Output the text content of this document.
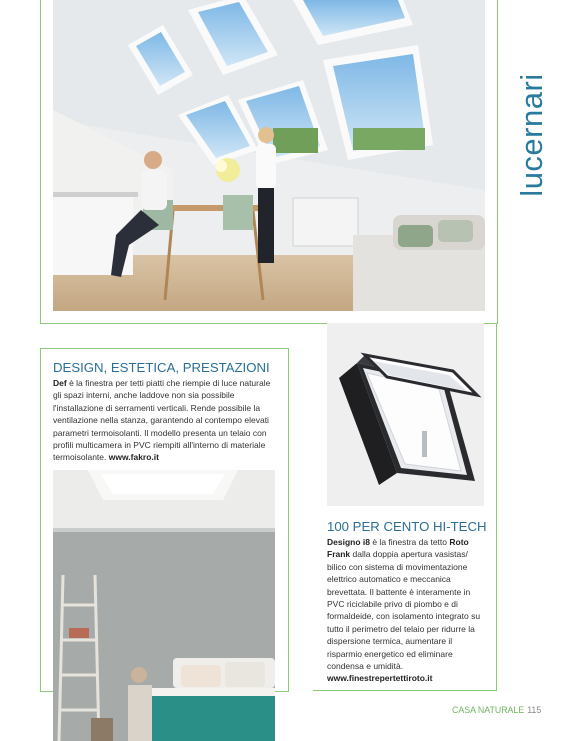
lucernari
DESIGN, ESTETICA, PRESTAZIONI
Def è la finestra per tetti piatti che riempie di luce naturale gli spazi interni, anche laddove non sia possibile l'installazione di serramenti verticali. Rende possibile la ventilazione nella stanza, garantendo al contempo elevati parametri termoisolanti. Il modello presenta un telaio con profili multicamera in PVC riempiti all'interno di materiale termoisolante. www.fakro.it
100 PER CENTO HI-TECH
Designo i8 è la finestra da tetto Roto Frank dalla doppia apertura vasistas/ bilico con sistema di movimentazione elettrico automatico e meccanica brevettata. Il battente è interamente in PVC riciclabile privo di piombo e di formaldeide, con isolamento integrato su tutto il perimetro del telaio per ridurre la dispersione termica, aumentare il risparmio energetico ed eliminare condensa e umidità.
www.finestrepertettiroto.it
CASA NATURALE 115
